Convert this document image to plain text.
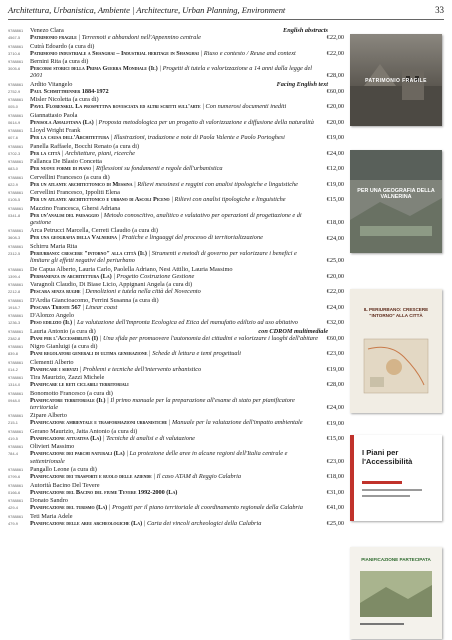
Architettura, Urbanistica, Ambiente | Architecture, Urban Planning, Environment	33
9788861	Venezo Clara	English abstracts
4567-5	Patrimonio fragile | Terremoti e abbandoni nell'Appennino centrale	€22,00
9788861	Cutrà Edoardo (a cura di)
3710-6	Patrimonio industriale a Shanghai – Industrial heritage in Shanghai | Riuso e contesto / Reuse and context	€22,00
9788861	Bernini Rita (a cura di)
3005-6	Percorsi storici della Prima Guerra Mondiale (Il) | Progetti di tutela e valorizzazione a 14 anni dalla legge del 2001	€28,00
9788861	Ardito Vitangelo	Facing English text
2752-9	Paul Schmitthenner 1884-1972	€60,00
9788861	Misler Nicoletta (a cura di)
005-0	Pavel Florenskij. La prospettiva rovesciata ed altri scritti sull'arte | Con numerosi documenti inediti	€20,00
9788861	Giannattasio Paola
0614-9	Penisola Amalfitana (La) | Proposta metodologica per un progetto di valorizzazione e diffusione della naturalità	€20,00
9788861	Lloyd Wright Frank
607-6	Per la causa dell'Architettura | Illustrazioni, traduzione e note di Paola Valente e Paolo Portoghesi	€19,00
9788861	Panella Raffaele, Bocchi Renato (a cura di)
0702-3	Per la città | Architetture, piani, ricerche	€24,00
9788861	Fallanca De Blasio Concetta
683-0	Per nuove forme di piano | Riflessioni su fondamenti e regole dell'urbanistica	€12,00
9788861	Cervellini Francesco (a cura di)
622-9	Per un atlante architettonico di Messina | Rilievi messinesi e reggini con analisi tipologiche e linguistiche	€19,00
9788861	Cervellini Francesco, Ippoliti Elena
0105-5	Per un atlante architettonico e urbano di Ascoli Piceno | Rilievi con analisi tipologiche e linguistiche	€15,00
9788861	Mazzino Francesca, Ghersi Adriana
0341-8	Per un'analisi del paesaggio | Metodo conoscitivo, analitico e valutativo per operazioni di progettazione e di gestione	€18,00
9788861	Arca Petrucci Marcella, Cerreti Claudio (a cura di)
3608-3	Per una geografia della Valnerina | Pratiche e linguaggi del processo di territorializzazione	€24,00
9788861	Schirru Maria Rita
2312-5	Periurbano: crescere "intorno" alla città (Il) | Strumenti e metodi di governo per valorizzare i benefici e limitare gli effetti negativi del periurbano	€25,00
9788861	De Capua Alberto, Lauria Carlo, Paolella Adriano, Nesi Attilio, Lauria Massimo
1399-4	Permanenza in architettura (La) | Progetto Costruzione Gestione	€20,00
9788861	Varagnoli Claudio, Di Biase Licio, Appignani Angela (a cura di)
2212-8	Pescara senza rughe | Demolizioni e tutela nella città del Novecento	€22,00
9788861	D'Ardia Giancioacomo, Ferrini Susanna (a cura di)
1918-7	Pescara Trieste 567 | Linear coast	€24,00
9788861	D'Alonzo Angelo
1236-3	Peso edilizio (Il) | La valutazione dell'Impronta Ecologica ed Etica del manufatto edilizio ad uso abitativo	€32,00
9788861	Lauria Antonio (a cura di)	con CDROM multimediale
2382-8	Piani per l'Accessibilità (I) | Una sfida per promuovere l'autonomia dei cittadini e valorizzare i luoghi dell'abitare	€60,00
9788861	Nigro Gianluigi (a cura di)
839-8	Piani regolatori generali di ultima generazione | Schede di lettura e temi progettuali	€23,00
9788861	Clementi Alberto
014-2	Pianificare i servizi | Problemi e tecniche dell'intervento urbanistico	€19,00
9788861	Tira Maurizio, Zazzi Michele
1314-0	Pianificare le reti ciclabili territoriali	€28,00
9788861	Bonomotto Francesco (a cura di)
0948-0	Pianificatore territoriale (Il) | Il primo manuale per la preparazione all'esame di stato per pianificatore territoriale	€24,00
9788861	Zipare Alberto
215-1	Pianificazione ambientale e trasformazioni urbanistiche | Manuale per la valutazione dell'impatto ambientale	€19,00
9788861	Gerano Maurizio, Jatta Antonio (a cura di)
419-5	Pianificazione attuativa (La) | Tecniche di analisi e di valutazione	€15,00
9788861	Olivieri Massimo
784-4	Pianificazione dei parchi naturali (La) | La protezione delle aree in alcune regioni dell'Italia centrale e settentrionale	€23,00
9788861	Pangallo Leone (a cura di)
0799-6	Pianificazione dei trasporti e ruolo delle aziende | Il caso ATAM di Reggio Calabria	€18,00
9788861	Autorità Bacino Del Tevere
0166-6	Pianificazione del Bacino del fiume Tevere 1992-2000 (La)	€31,00
9788861	Donato Sandro
429-4	Pianificazione del turismo (La) | Progetti per il piano territoriale di coordinamento regionale della Calabria	€41,00
9788861	Teti Maria Adele
479-9	Pianificazione delle aree archeologiche (La) | Carta dei vincoli archeologici della Calabria	€25,00
PATRIMONIO FRAGILE
PER UNA GEOGRAFIA DELLA VALNERINA
IL PERIURBANO: CRESCERE "INTORNO" ALLA CITTÀ
I Piani per l'Accessibilità
PIANIFICAZIONE PARTECIPATA
